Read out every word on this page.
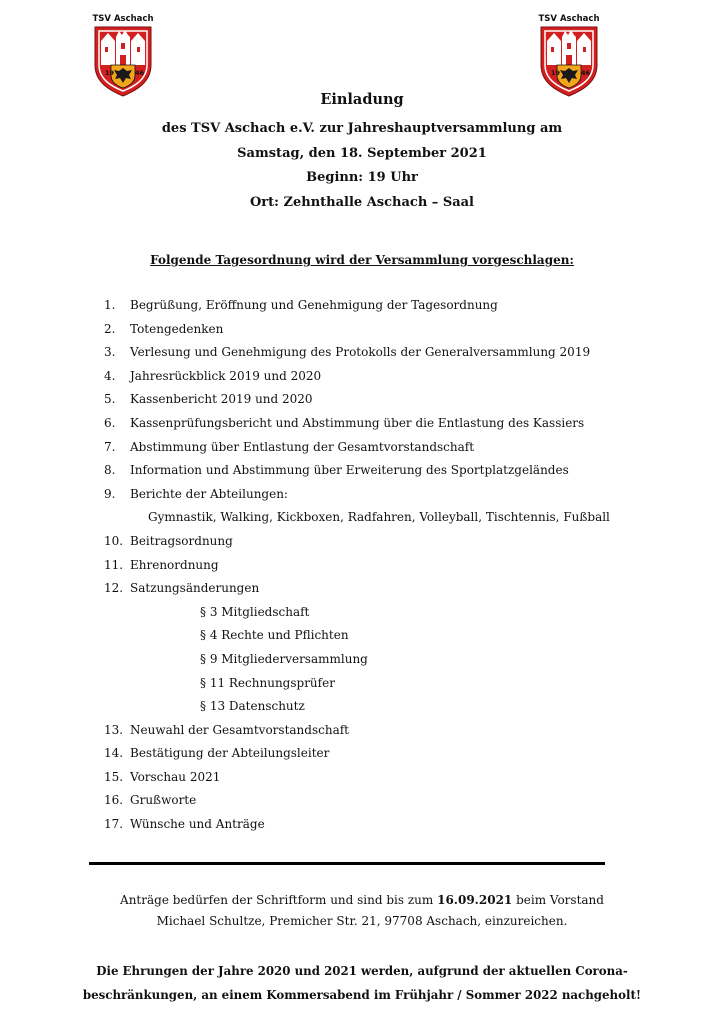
TSV Aschach
19	46
TSV Aschach
19	46
Einladung
des TSV Aschach e.V. zur Jahreshauptversammlung am
Samstag, den 18. September 2021
Beginn: 19 Uhr
Ort: Zehnthalle Aschach – Saal
Folgende Tagesordnung wird der Versammlung vorgeschlagen:
1.	Begrüßung, Eröffnung und Genehmigung der Tagesordnung
2.	Totengedenken
3.	Verlesung und Genehmigung des Protokolls der Generalversammlung 2019
4.	Jahresrückblick 2019 und 2020
5.	Kassenbericht 2019 und 2020
6.	Kassenprüfungsbericht und Abstimmung über die Entlastung des Kassiers
7.	Abstimmung über Entlastung der Gesamtvorstandschaft
8.	Information und Abstimmung über Erweiterung des Sportplatzgeländes
9.	Berichte der Abteilungen:
Gymnastik, Walking, Kickboxen, Radfahren, Volleyball, Tischtennis, Fußball
10. Beitragsordnung
11. Ehrenordnung
12. Satzungsänderungen
§ 3 Mitgliedschaft
§ 4 Rechte und Pflichten
§ 9 Mitgliederversammlung
§ 11 Rechnungsprüfer
§ 13 Datenschutz
13. Neuwahl der Gesamtvorstandschaft
14. Bestätigung der Abteilungsleiter
15. Vorschau 2021
16. Grußworte
17. Wünsche und Anträge
Anträge bedürfen der Schriftform und sind bis zum 16.09.2021 beim Vorstand
Michael Schultze, Premicher Str. 21, 97708 Aschach, einzureichen.
Die Ehrungen der Jahre 2020 und 2021 werden, aufgrund der aktuellen Corona-
beschränkungen, an einem Kommersabend im Frühjahr / Sommer 2022 nachgeholt!
